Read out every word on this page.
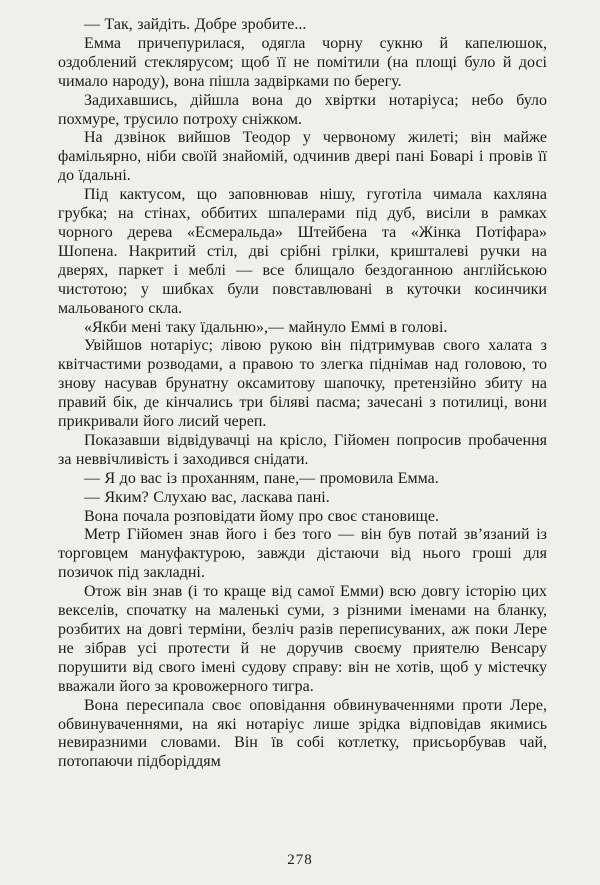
— Так, зайдіть. Добре зробите...

Емма причепурилася, одягла чорну сукню й капелюшок, оздоблений стеклярусом; щоб її не помітили (на площі було й досі чимало народу), вона пішла задвірками по берегу.

Задихавшись, дійшла вона до хвіртки нотаріуса; небо було похмуре, трусило потроху сніжком.

На дзвінок вийшов Теодор у червоному жилеті; він майже фамільярно, ніби своїй знайомій, одчинив двері пані Боварі і провів її до їдальні.

Під кактусом, що заповнював нішу, гуготіла чимала кахляна грубка; на стінах, оббитих шпалерами під дуб, висіли в рамках чорного дерева «Есмеральда» Штейбена та «Жінка Потіфара» Шопена. Накритий стіл, дві срібні грілки, кришталеві ручки на дверях, паркет і меблі — все блищало бездоганною англійською чистотою; у шибках були повставлювані в куточки косинчики мальованого скла.

«Якби мені таку їдальню»,— майнуло Еммі в голові.

Увійшов нотаріус; лівою рукою він підтримував свого халата з квітчастими розводами, а правою то злегка піднімав над головою, то знову насував брунатну оксамитову шапочку, претензійно збиту на правий бік, де кінчались три біляві пасма; зачесані з потилиці, вони прикривали його лисий череп.

Показавши відвідувачці на крісло, Гійомен попросив пробачення за неввічливість і заходився снідати.

— Я до вас із проханням, пане,— промовила Емма.

— Яким? Слухаю вас, ласкава пані.

Вона почала розповідати йому про своє становище.

Метр Гійомен знав його і без того — він був потай зв’язаний із торговцем мануфактурою, завжди дістаючи від нього гроші для позичок під закладні.

Отож він знав (і то краще від самої Емми) всю довгу історію цих векселів, спочатку на маленькі суми, з різними іменами на бланку, розбитих на довгі терміни, безліч разів переписуваних, аж поки Лере не зібрав усі протести й не доручив своєму приятелю Венсару порушити від свого імені судову справу: він не хотів, щоб у містечку вважали його за кровожерного тигра.

Вона пересипала своє оповідання обвинуваченнями проти Лере, обвинуваченнями, на які нотаріус лише зрідка відповідав якимись невиразними словами. Він їв собі котлетку, присьорбував чай, потопаючи підборіддям

278
